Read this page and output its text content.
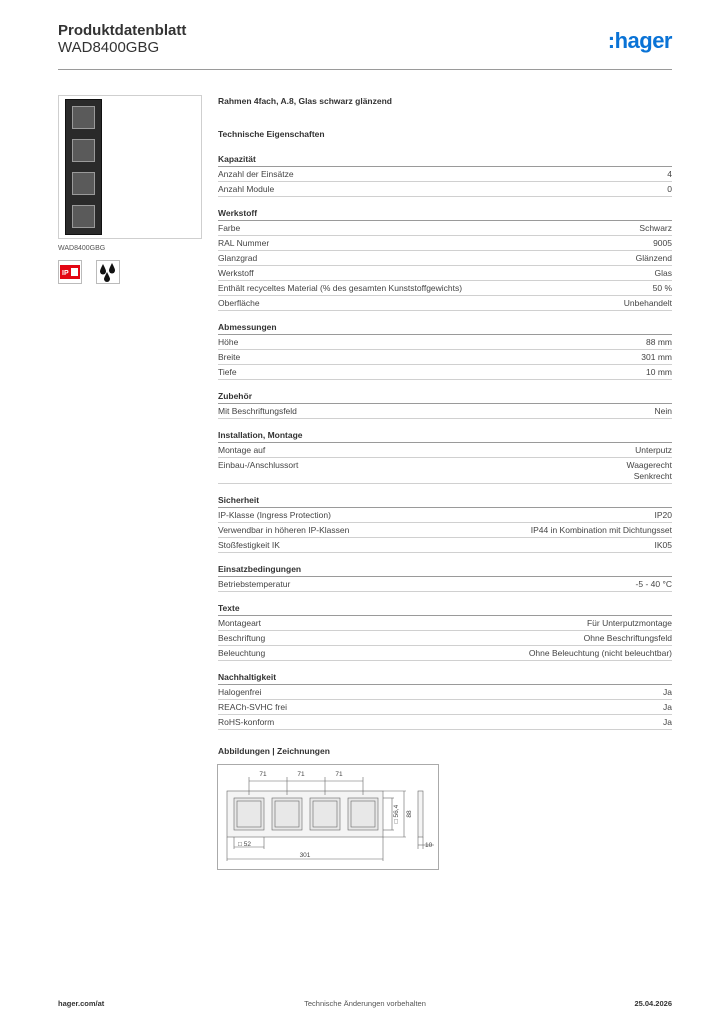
Produktdatenblatt
WAD8400GBG	:hager
WAD8400GBG
IP
Rahmen 4fach, A.8, Glas schwarz glänzend
Technische Eigenschaften
Kapazität
Anzahl der Einsätze	4
Anzahl Module	0
Werkstoff
Farbe	Schwarz
RAL Nummer	9005
Glanzgrad	Glänzend
Werkstoff	Glas
Enthält recyceltes Material (% des gesamten Kunststoffgewichts)	50 %
Oberfläche	Unbehandelt
Abmessungen
Höhe	88 mm
Breite	301 mm
Tiefe	10 mm
Zubehör
Mit Beschriftungsfeld	Nein
Installation, Montage
Montage auf	Unterputz
Einbau-/Anschlussort	Waagerecht
Senkrecht
Sicherheit
IP-Klasse (Ingress Protection)	IP20
Verwendbar in höheren IP-Klassen	IP44 in Kombination mit Dichtungsset
Stoßfestigkeit IK	IK05
Einsatzbedingungen
Betriebstemperatur	-5 - 40 °C
Texte
Montageart	Für Unterputzmontage
Beschriftung	Ohne Beschriftungsfeld
Beleuchtung	Ohne Beleuchtung (nicht beleuchtbar)
Nachhaltigkeit
Halogenfrei	Ja
REACh-SVHC frei	Ja
RoHS-konform	Ja
Abbildungen | Zeichnungen
71	71	71
□ 52
301
10
□ 56,4 88
Technische Änderungen vorbehalten
hager.com/at	25.04.2026
